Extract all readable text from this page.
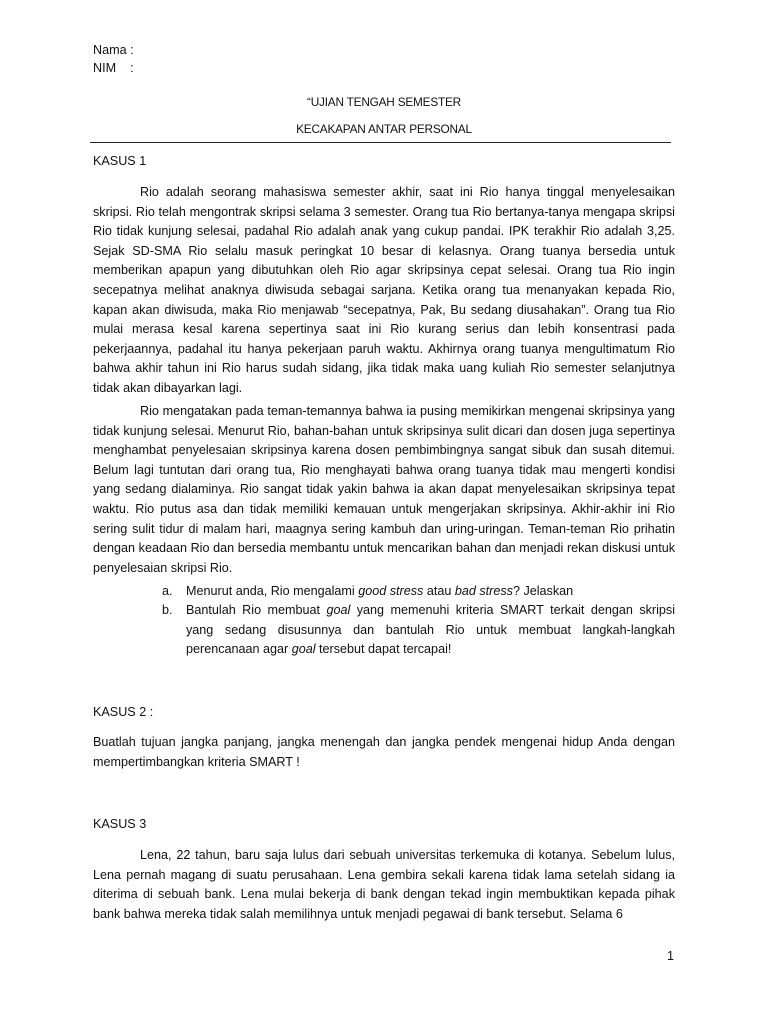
Nama :
NIM    :
“UJIAN TENGAH SEMESTER
KECAKAPAN ANTAR PERSONAL
KASUS 1

Rio adalah seorang mahasiswa semester akhir, saat ini Rio hanya tinggal menyelesaikan skripsi. Rio telah mengontrak skripsi selama 3 semester. Orang tua Rio bertanya-tanya mengapa skripsi Rio tidak kunjung selesai, padahal Rio adalah anak yang cukup pandai. IPK terakhir Rio adalah 3,25. Sejak SD-SMA Rio selalu masuk peringkat 10 besar di kelasnya. Orang tuanya bersedia untuk memberikan apapun yang dibutuhkan oleh Rio agar skripsinya cepat selesai. Orang tua Rio ingin secepatnya melihat anaknya diwisuda sebagai sarjana. Ketika orang tua menanyakan kepada Rio, kapan akan diwisuda, maka Rio menjawab “secepatnya, Pak, Bu sedang diusahakan”. Orang tua Rio mulai merasa kesal karena sepertinya saat ini Rio kurang serius dan lebih konsentrasi pada pekerjaannya, padahal itu hanya pekerjaan paruh waktu. Akhirnya orang tuanya mengultimatum Rio bahwa akhir tahun ini Rio harus sudah sidang, jika tidak maka uang kuliah Rio semester selanjutnya tidak akan dibayarkan lagi.

Rio mengatakan pada teman-temannya bahwa ia pusing memikirkan mengenai skripsinya yang tidak kunjung selesai. Menurut Rio, bahan-bahan untuk skripsinya sulit dicari dan dosen juga sepertinya menghambat penyelesaian skripsinya karena dosen pembimbingnya sangat sibuk dan susah ditemui. Belum lagi tuntutan dari orang tua, Rio menghayati bahwa orang tuanya tidak mau mengerti kondisi yang sedang dialaminya. Rio sangat tidak yakin bahwa ia akan dapat menyelesaikan skripsinya tepat waktu. Rio putus asa dan tidak memiliki kemauan untuk mengerjakan skripsinya. Akhir-akhir ini Rio sering sulit tidur di malam hari, maagnya sering kambuh dan uring-uringan. Teman-teman Rio prihatin dengan keadaan Rio dan bersedia membantu untuk mencarikan bahan dan menjadi rekan diskusi untuk penyelesaian skripsi Rio.

a. Menurut anda, Rio mengalami good stress atau bad stress? Jelaskan
b. Bantulah Rio membuat goal yang memenuhi kriteria SMART terkait dengan skripsi yang sedang disusunnya dan bantulah Rio untuk membuat langkah-langkah perencanaan agar goal tersebut dapat tercapai!
KASUS 2 :

Buatlah tujuan jangka panjang, jangka menengah dan jangka pendek mengenai hidup Anda dengan mempertimbangkan kriteria SMART !

KASUS 3

Lena, 22 tahun, baru saja lulus dari sebuah universitas terkemuka di kotanya. Sebelum lulus, Lena pernah magang di suatu perusahaan. Lena gembira sekali karena tidak lama setelah sidang ia diterima di sebuah bank. Lena mulai bekerja di bank dengan tekad ingin membuktikan kepada pihak bank bahwa mereka tidak salah memilihnya untuk menjadi pegawai di bank tersebut. Selama 6

1
